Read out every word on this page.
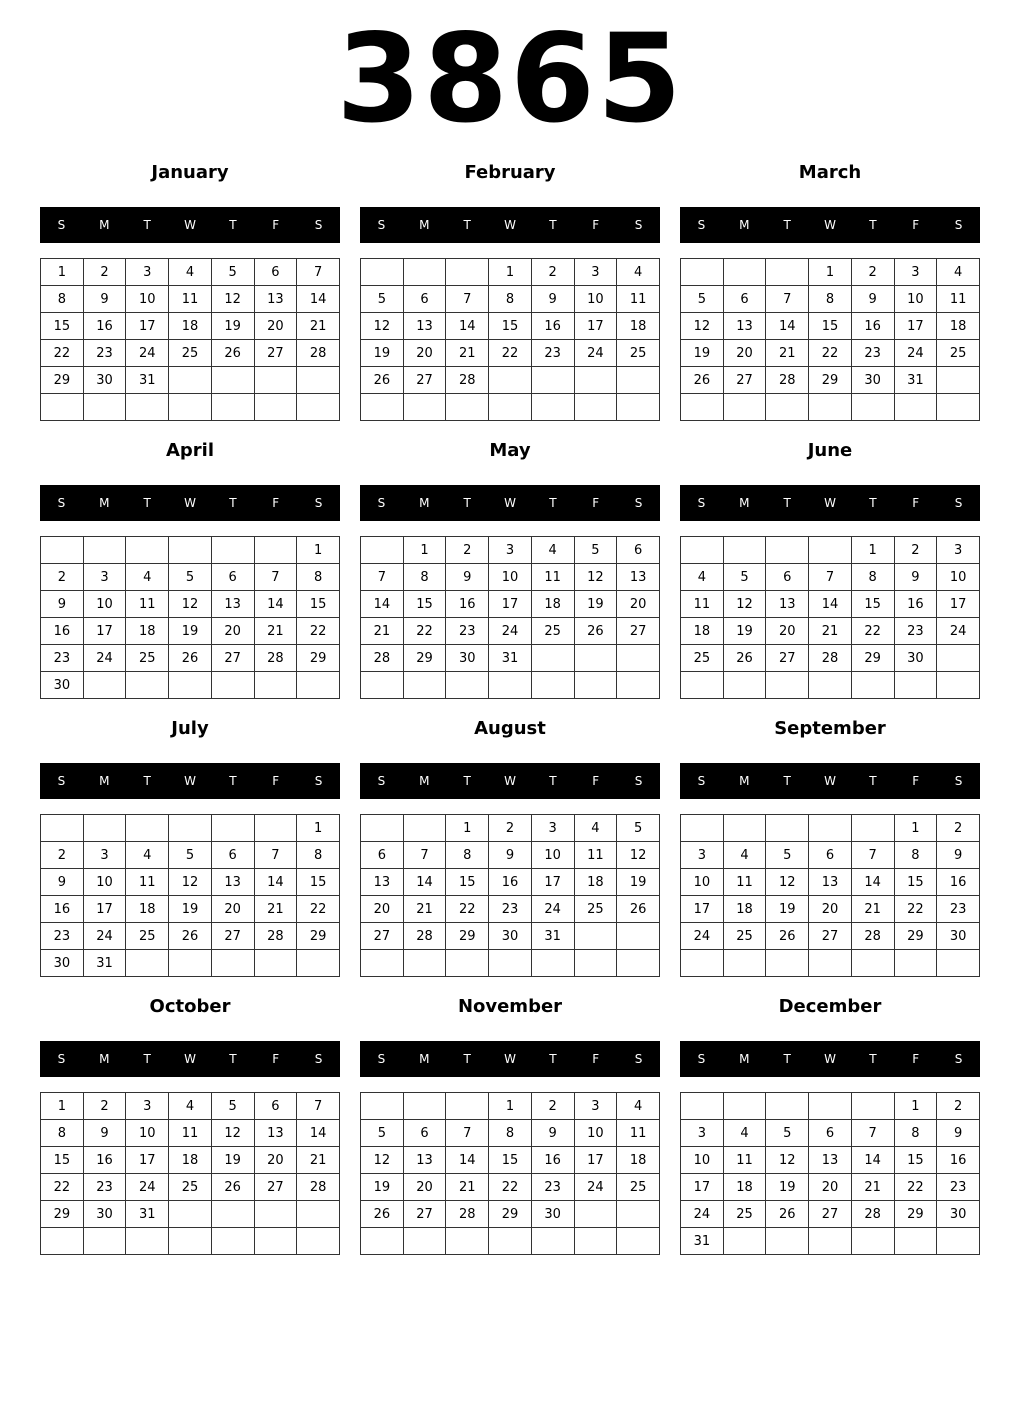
3865
January
S	M	T	W	T	F	S
1	2	3	4	5	6	7
8	9	10	11	12	13	14
15	16	17	18	19	20	21
22	23	24	25	26	27	28
29	30	31				

February
S	M	T	W	T	F	S
			1	2	3	4
5	6	7	8	9	10	11
12	13	14	15	16	17	18
19	20	21	22	23	24	25
26	27	28				

March
S	M	T	W	T	F	S
			1	2	3	4
5	6	7	8	9	10	11
12	13	14	15	16	17	18
19	20	21	22	23	24	25
26	27	28	29	30	31	

April
S	M	T	W	T	F	S
						1
2	3	4	5	6	7	8
9	10	11	12	13	14	15
16	17	18	19	20	21	22
23	24	25	26	27	28	29
30						
May
S	M	T	W	T	F	S
	1	2	3	4	5	6
7	8	9	10	11	12	13
14	15	16	17	18	19	20
21	22	23	24	25	26	27
28	29	30	31			

June
S	M	T	W	T	F	S
				1	2	3
4	5	6	7	8	9	10
11	12	13	14	15	16	17
18	19	20	21	22	23	24
25	26	27	28	29	30	

July
S	M	T	W	T	F	S
						1
2	3	4	5	6	7	8
9	10	11	12	13	14	15
16	17	18	19	20	21	22
23	24	25	26	27	28	29
30	31					
August
S	M	T	W	T	F	S
		1	2	3	4	5
6	7	8	9	10	11	12
13	14	15	16	17	18	19
20	21	22	23	24	25	26
27	28	29	30	31		

September
S	M	T	W	T	F	S
					1	2
3	4	5	6	7	8	9
10	11	12	13	14	15	16
17	18	19	20	21	22	23
24	25	26	27	28	29	30

October
S	M	T	W	T	F	S
1	2	3	4	5	6	7
8	9	10	11	12	13	14
15	16	17	18	19	20	21
22	23	24	25	26	27	28
29	30	31				

November
S	M	T	W	T	F	S
			1	2	3	4
5	6	7	8	9	10	11
12	13	14	15	16	17	18
19	20	21	22	23	24	25
26	27	28	29	30		

December
S	M	T	W	T	F	S
					1	2
3	4	5	6	7	8	9
10	11	12	13	14	15	16
17	18	19	20	21	22	23
24	25	26	27	28	29	30
31						
